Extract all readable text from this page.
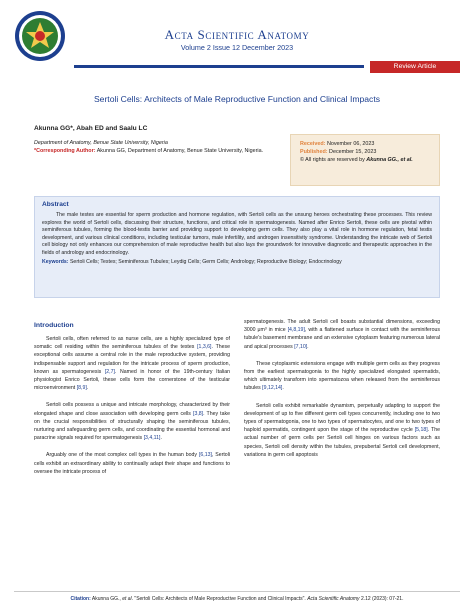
Acta Scientific Anatomy
Volume 2 Issue 12 December 2023
Review Article
Sertoli Cells: Architects of Male Reproductive Function and Clinical Impacts
Akunna GG*, Abah ED and Saalu LC
Department of Anatomy, Benue State University, Nigeria
*Corresponding Author: Akunna GG, Department of Anatomy, Benue State University, Nigeria.
Received: November 06, 2023
Published: December 15, 2023
© All rights are reserved by Akunna GG., et al.
Abstract
The male testes are essential for sperm production and hormone regulation, with Sertoli cells as the unsung heroes orchestrating these processes. This review explores the world of Sertoli cells, discussing their structure, functions, and critical role in spermatogenesis. Named after Enrico Sertoli, these cells are pivotal within seminiferous tubules, forming the blood-testis barrier and providing support to developing germ cells. They also play a vital role in hormone regulation, fetal testis development, and various clinical conditions, including testicular tumors, male infertility, and androgen insensitivity syndrome. Understanding the intricate web of Sertoli cell biology not only enhances our comprehension of male reproductive health but also lays the groundwork for innovative diagnostic and therapeutic approaches in the fields of andrology and endocrinology.
Keywords: Sertoli Cells; Testes; Seminiferous Tubules; Leydig Cells; Germ Cells; Andrology; Reproductive Biology; Endocrinology
Introduction

Sertoli cells, often referred to as nurse cells, are a highly specialized type of somatic cell residing within the seminiferous tubules of the testes [1,3,6]. These exceptional cells assume a central role in the male reproductive system, providing indispensable support and regulation for the intricate process of sperm production, known as spermatogenesis [2,7]. Named in honor of the 19th-century Italian physiologist Enrico Sertoli, these cells form the cornerstone of the testicular microenvironment [8,9].

Sertoli cells possess a unique and intricate morphology, characterized by their elongated shape and close association with developing germ cells [3,8]. They take on the crucial responsibilities of structurally shaping the seminiferous tubules, nurturing and safeguarding germ cells, and coordinating the essential hormonal and paracrine signals required for spermatogenesis [3,4,11].

Arguably one of the most complex cell types in the human body [6,13], Sertoli cells exhibit an extraordinary ability to continually adapt their shape and functions to oversee the intricate process of

spermatogenesis. The adult Sertoli cell boasts substantial dimensions, exceeding 3000 μm³ in mice [4,8,19], with a flattened surface in contact with the seminiferous tubule's basement membrane and an extensive cytoplasm featuring numerous lateral and apical processes [7,10].

These cytoplasmic extensions engage with multiple germ cells as they progress from the earliest spermatogonia to the highly specialized elongated spermatids, which ultimately transform into spermatozoa when released from the seminiferous tubules [9,12,14].

Sertoli cells exhibit remarkable dynamism, perpetually adapting to support the development of up to five different germ cell types concurrently, including one to two types of spermatogonia, one to two types of spermatocytes, and one to two types of haploid spermatids, contingent upon the stage of the reproductive cycle [5,18]. The actual number of germ cells per Sertoli cell hinges on various factors such as species, Sertoli cell density within the tubules, prepubertal Sertoli cell development, variations in germ cell apoptosis

Citation: Akunna GG., et al. "Sertoli Cells: Architects of Male Reproductive Function and Clinical Impacts". Acta Scientific Anatomy 2.12 (2023): 07-21.
